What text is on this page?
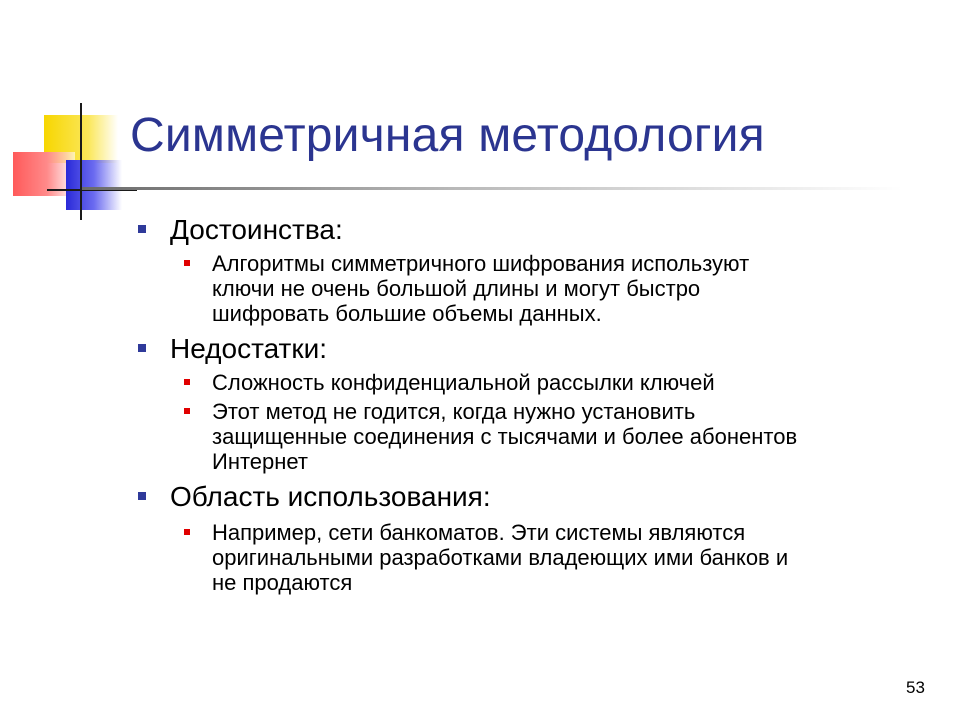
Симметричная методология
Достоинства:
Алгоритмы симметричного шифрования используют
ключи не очень большой длины и могут быстро
шифровать большие объемы данных.
Недостатки:
Сложность конфиденциальной рассылки ключей
Этот метод не годится, когда нужно установить
защищенные соединения с тысячами и более абонентов
Интернет
Область использования:
Например, сети банкоматов. Эти системы являются
оригинальными разработками владеющих ими банков и
не продаются
53
